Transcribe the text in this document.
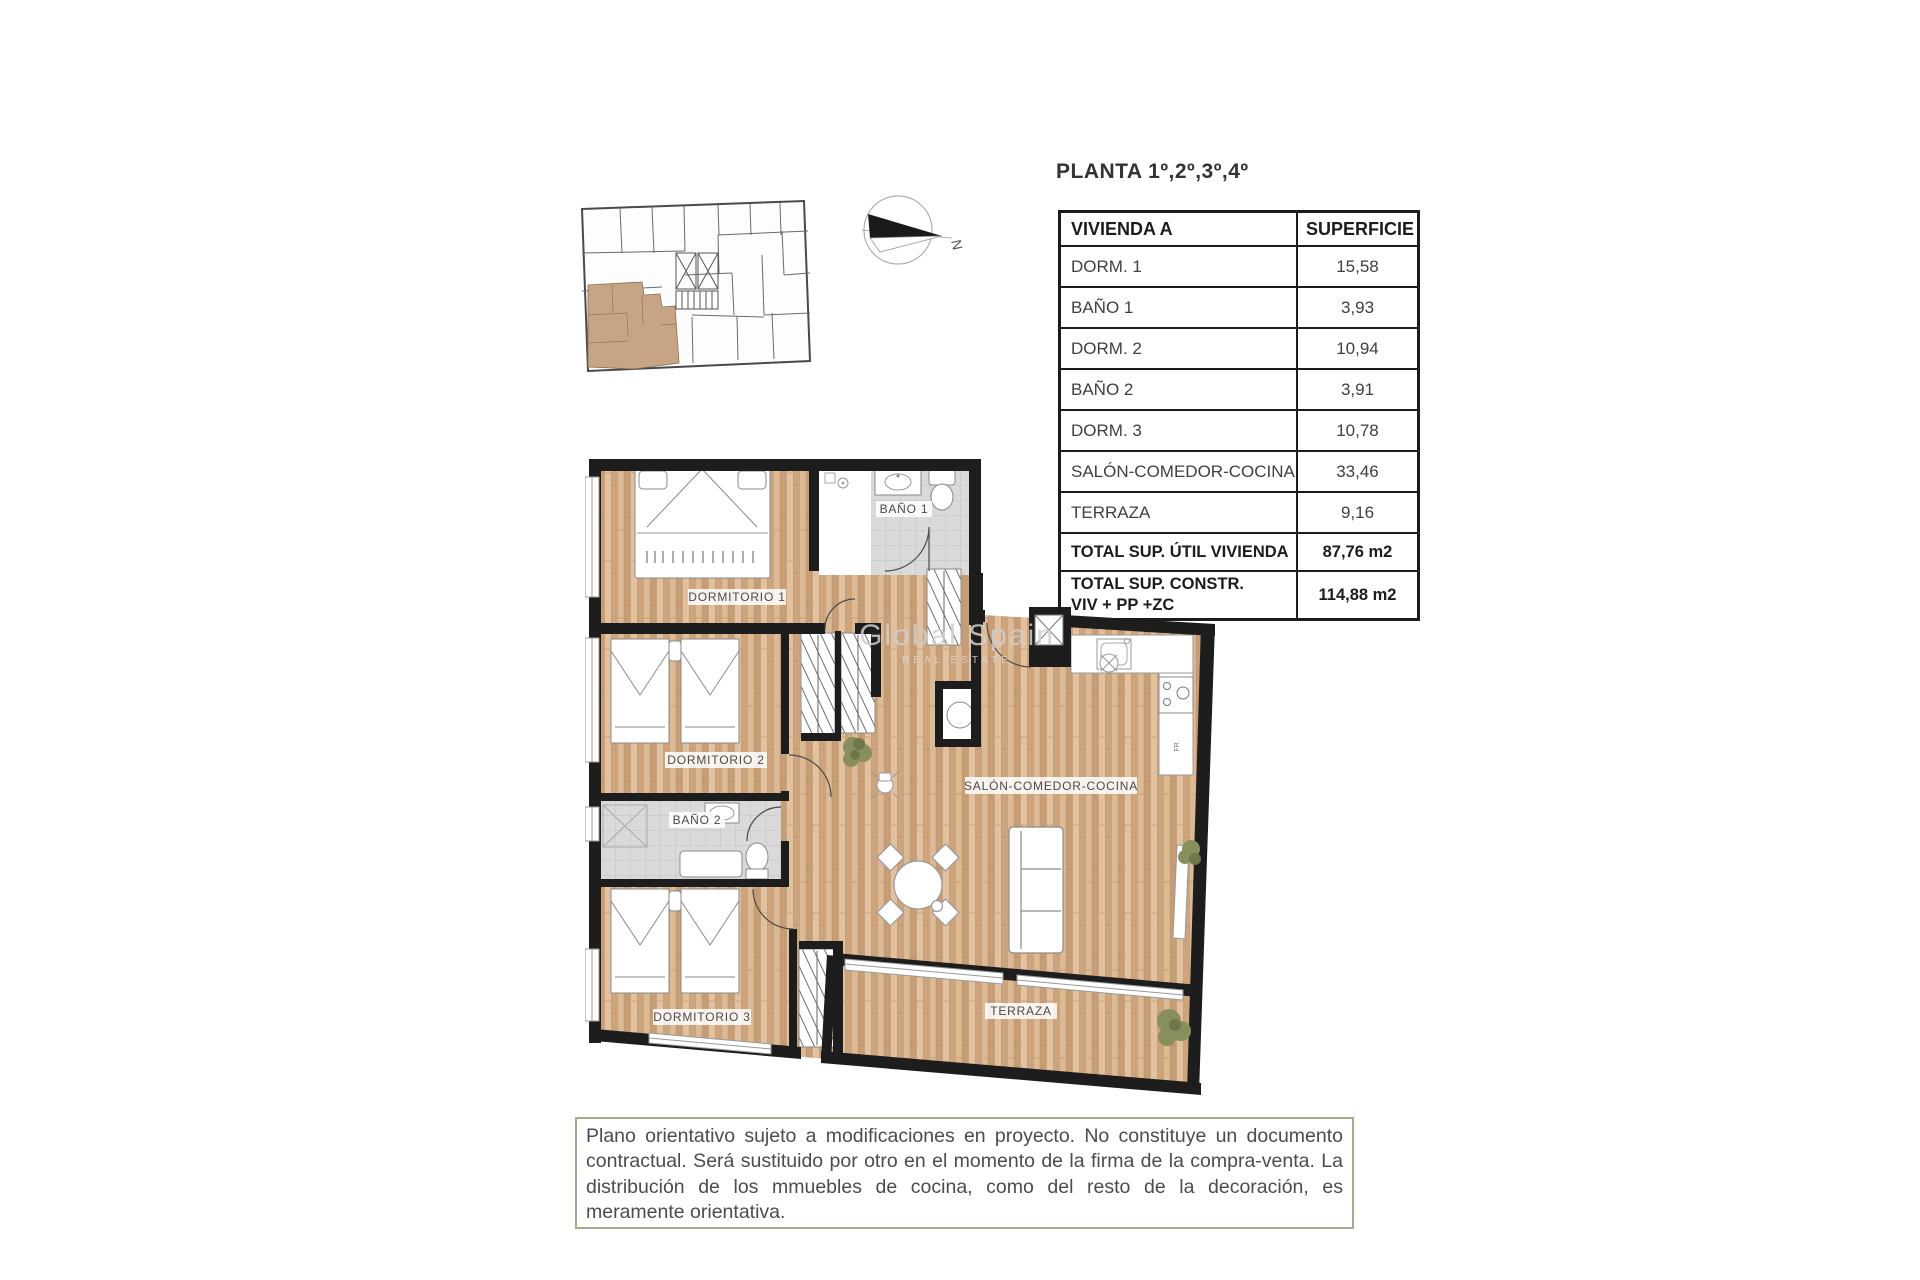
N
PLANTA 1º,2º,3º,4º
VIVIENDA A	SUPERFICIE
DORM. 1	15,58
BAÑO 1	3,93
DORM. 2	10,94
BAÑO 2	3,91
DORM. 3	10,78
SALÓN-COMEDOR-COCINA	33,46
TERRAZA	9,16
TOTAL SUP. ÚTIL VIVIENDA	87,76 m2

TOTAL SUP. CONSTR.
VIV + PP +ZC	114,88 m2
FR
DORMITORIO 1
BAÑO 1
DORMITORIO 2
BAÑO 2
DORMITORIO 3
SALÓN-COMEDOR-COCINA
TERRAZA
Global Spain
REAL ESTATE
Plano orientativo sujeto a modificaciones en proyecto. No constituye un documento contractual. Será sustituido por otro en el momento de la firma de la compra-venta. La distribución de los mmuebles de cocina, como del resto de la decoración, es meramente orientativa.
